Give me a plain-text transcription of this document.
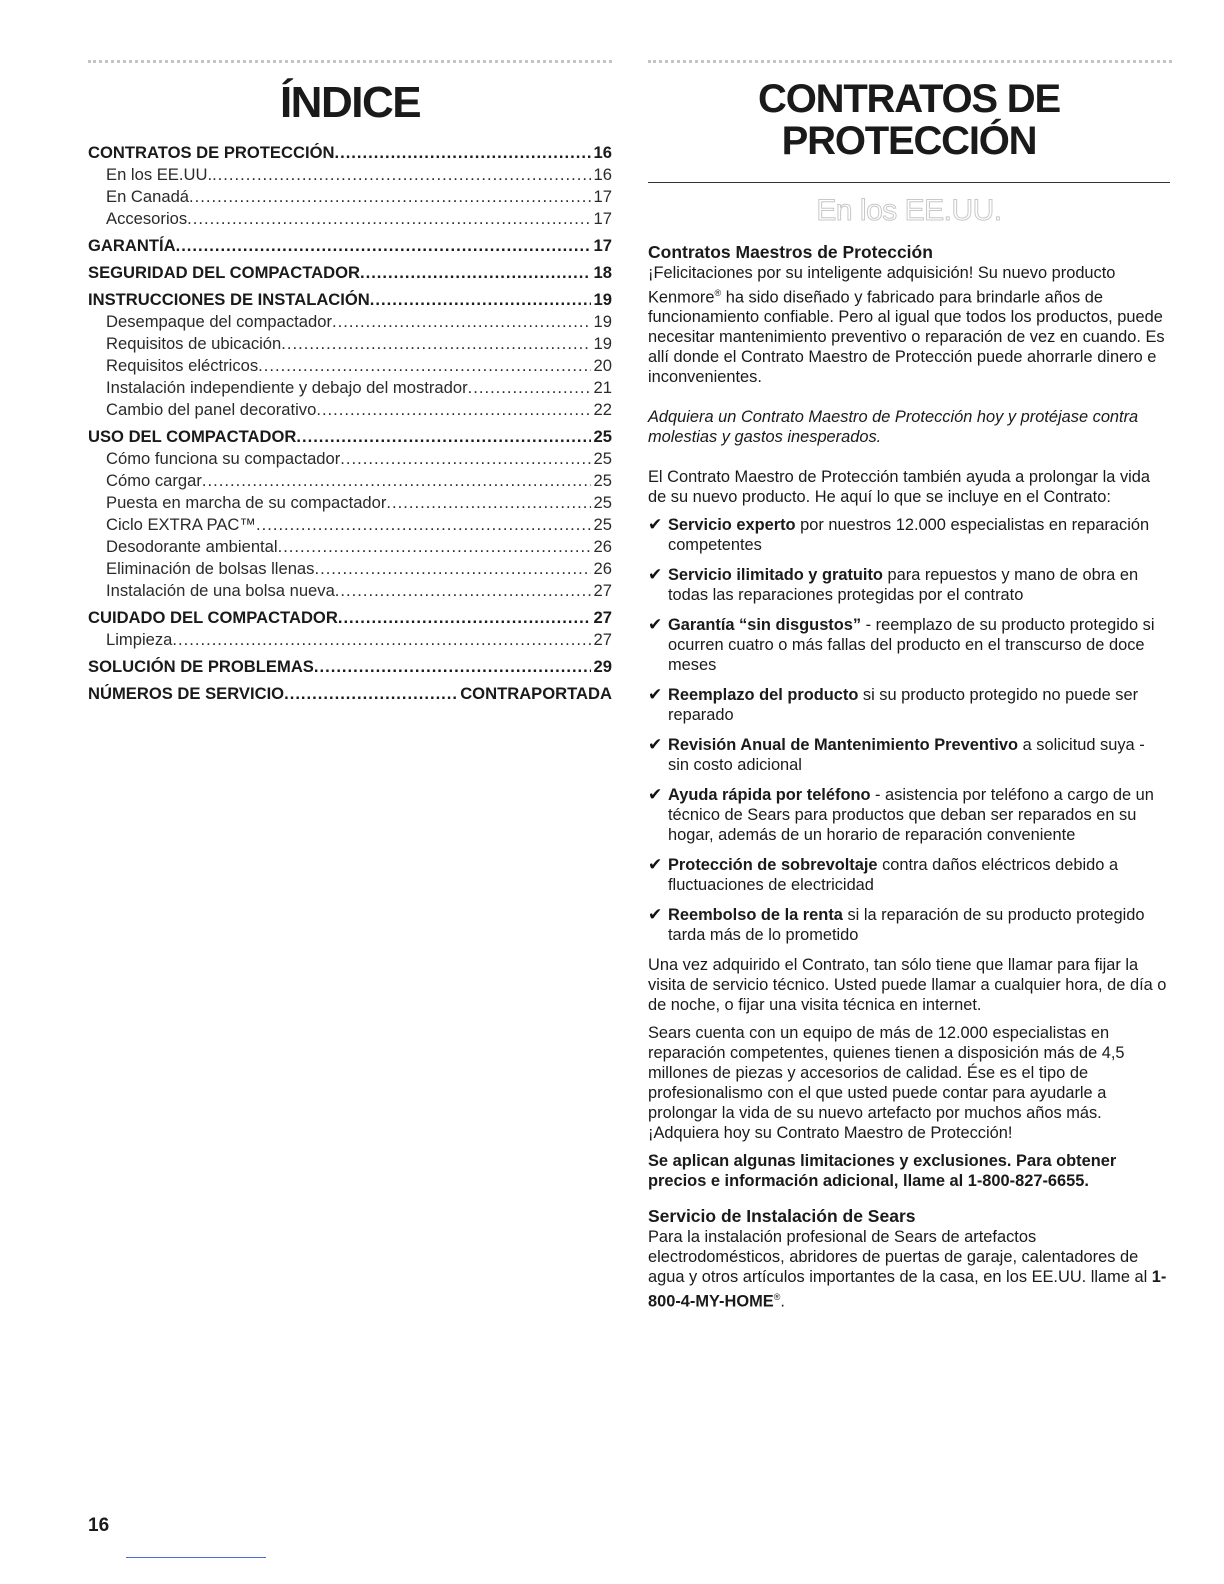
ÍNDICE
CONTRATOS DE PROTECCIÓN .....	16
En los EE.UU. .....	16
En Canadá .....	17
Accesorios .....	17
GARANTÍA .....	17
SEGURIDAD DEL COMPACTADOR .....	18
INSTRUCCIONES DE INSTALACIÓN .....	19
Desempaque del compactador .....	19
Requisitos de ubicación .....	19
Requisitos eléctricos .....	20
Instalación independiente y debajo del mostrador .....	21
Cambio del panel decorativo .....	22
USO DEL COMPACTADOR .....	25
Cómo funciona su compactador .....	25
Cómo cargar .....	25
Puesta en marcha de su compactador .....	25
Ciclo EXTRA PAC™ .....	25
Desodorante ambiental .....	26
Eliminación de bolsas llenas .....	26
Instalación de una bolsa nueva .....	27
CUIDADO DEL COMPACTADOR .....	27
Limpieza .....	27
SOLUCIÓN DE PROBLEMAS .....	29
NÚMEROS DE SERVICIO .....	CONTRAPORTADA
CONTRATOS DE
PROTECCIÓN
En los EE.UU.
Contratos Maestros de Protección

¡Felicitaciones por su inteligente adquisición! Su nuevo producto Kenmore® ha sido diseñado y fabricado para brindarle años de funcionamiento confiable. Pero al igual que todos los productos, puede necesitar mantenimiento preventivo o reparación de vez en cuando. Es allí donde el Contrato Maestro de Protección puede ahorrarle dinero e inconvenientes.

Adquiera un Contrato Maestro de Protección hoy y protéjase contra molestias y gastos inesperados.

El Contrato Maestro de Protección también ayuda a prolongar la vida de su nuevo producto. He aquí lo que se incluye en el Contrato:

✔ Servicio experto por nuestros 12.000 especialistas en reparación competentes
✔ Servicio ilimitado y gratuito para repuestos y mano de obra en todas las reparaciones protegidas por el contrato
✔ Garantía “sin disgustos” - reemplazo de su producto protegido si ocurren cuatro o más fallas del producto en el transcurso de doce meses
✔ Reemplazo del producto si su producto protegido no puede ser reparado
✔ Revisión Anual de Mantenimiento Preventivo a solicitud suya - sin costo adicional
✔ Ayuda rápida por teléfono - asistencia por teléfono a cargo de un técnico de Sears para productos que deban ser reparados en su hogar, además de un horario de reparación conveniente
✔ Protección de sobrevoltaje contra daños eléctricos debido a fluctuaciones de electricidad
✔ Reembolso de la renta si la reparación de su producto protegido tarda más de lo prometido

Una vez adquirido el Contrato, tan sólo tiene que llamar para fijar la visita de servicio técnico. Usted puede llamar a cualquier hora, de día o de noche, o fijar una visita técnica en internet.

Sears cuenta con un equipo de más de 12.000 especialistas en reparación competentes, quienes tienen a disposición más de 4,5 millones de piezas y accesorios de calidad. Ése es el tipo de profesionalismo con el que usted puede contar para ayudarle a prolongar la vida de su nuevo artefacto por muchos años más. ¡Adquiera hoy su Contrato Maestro de Protección!

Se aplican algunas limitaciones y exclusiones. Para obtener precios e información adicional, llame al 1-800-827-6655.

Servicio de Instalación de Sears

Para la instalación profesional de Sears de artefactos electrodomésticos, abridores de puertas de garaje, calentadores de agua y otros artículos importantes de la casa, en los EE.UU. llame al 1-800-4-MY-HOME®.

16
